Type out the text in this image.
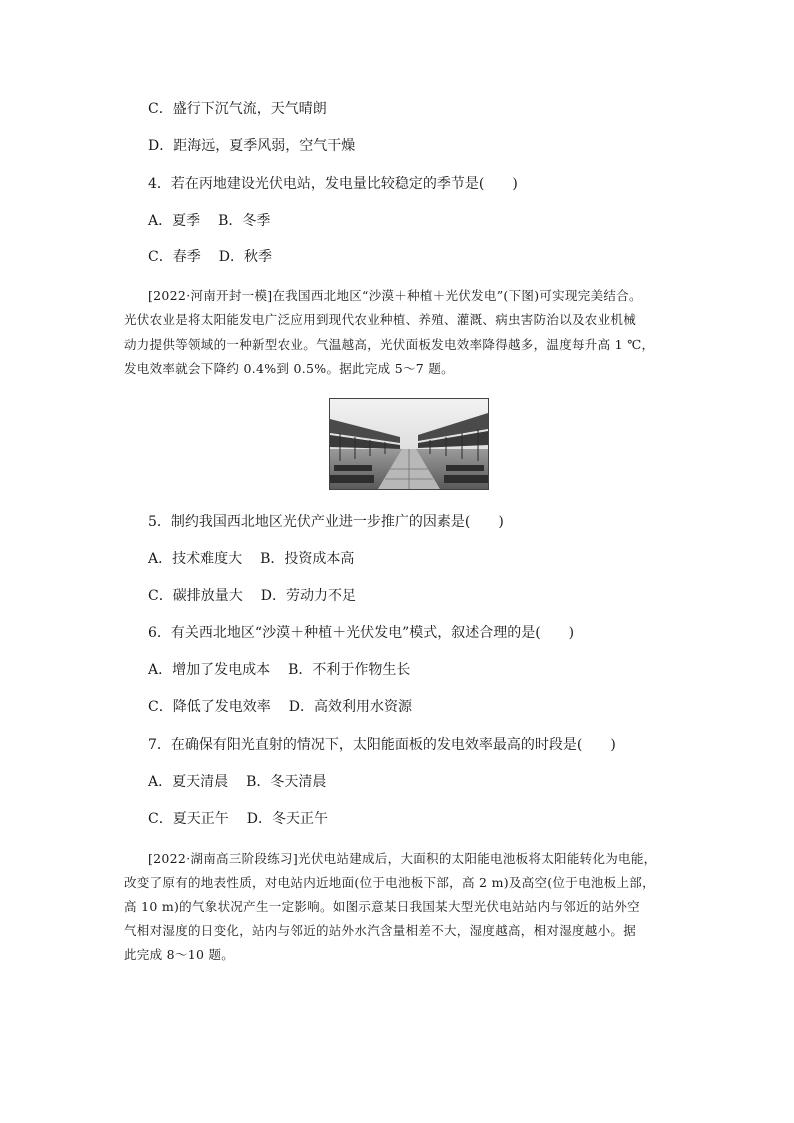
C．盛行下沉气流，天气晴朗
D．距海远，夏季风弱，空气干燥
4．若在丙地建设光伏电站，发电量比较稳定的季节是(　　)
A．夏季 B．冬季
C．春季 D．秋季
[2022·河南开封一模]在我国西北地区“沙漠＋种植＋光伏发电”(下图)可实现完美结合。
光伏农业是将太阳能发电广泛应用到现代农业种植、养殖、灌溉、病虫害防治以及农业机械
动力提供等领域的一种新型农业。气温越高，光伏面板发电效率降得越多，温度每升高 1 ℃，
发电效率就会下降约 0.4%到 0.5%。据此完成 5～7 题。
5．制约我国西北地区光伏产业进一步推广的因素是(　　)
A．技术难度大 B．投资成本高
C．碳排放量大 D．劳动力不足
6．有关西北地区“沙漠＋种植＋光伏发电”模式，叙述合理的是(　　)
A．增加了发电成本 B．不利于作物生长
C．降低了发电效率 D．高效利用水资源
7．在确保有阳光直射的情况下，太阳能面板的发电效率最高的时段是(　　)
A．夏天清晨 B．冬天清晨
C．夏天正午 D．冬天正午
[2022·湖南高三阶段练习]光伏电站建成后，大面积的太阳能电池板将太阳能转化为电能，
改变了原有的地表性质，对电站内近地面(位于电池板下部，高 2 m)及高空(位于电池板上部，
高 10 m)的气象状况产生一定影响。如图示意某日我国某大型光伏电站站内与邻近的站外空
气相对湿度的日变化，站内与邻近的站外水汽含量相差不大，湿度越高，相对湿度越小。据
此完成 8～10 题。
